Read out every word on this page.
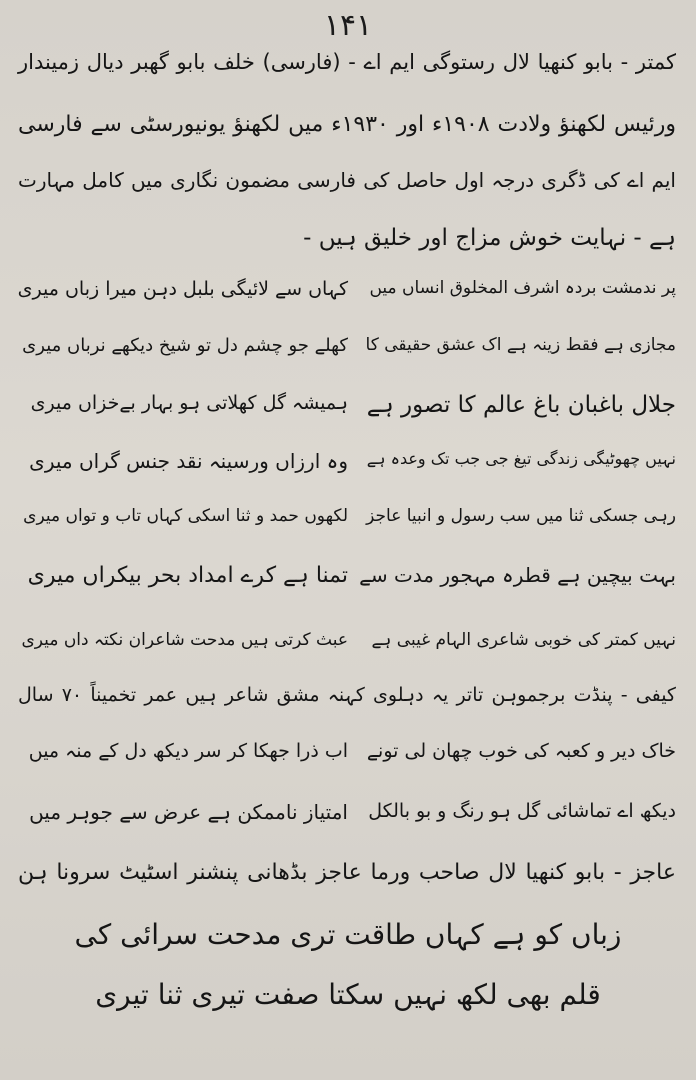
۱۴۱
کمتر - بابو کنھیا لال رستوگی ایم اے - (فارسی) خلف بابو گھبر دیال زمیندار
ورئیس لکھنؤ ولادت ۱۹۰۸ء اور ۱۹۳۰ء میں لکھنؤ یونیورسٹی سے فارسی
ایم اے کی ڈگری درجہ اول حاصل کی فارسی مضمون نگاری میں کامل مہارت
ہے - نہایت خوش مزاج اور خلیق ہیں -
پر ندمشت بردہ اشرف المخلوق انساں میں
کہاں سے لائیگی بلبل دہن میرا زباں میری
مجازی ہے فقط زینہ ہے اک عشق حقیقی کا
کھلے جو چشم دل تو شیخ دیکھے نرباں میری
جلال باغبان باغ عالم کا تصور ہے
ہمیشہ گل کھلاتی ہو بہار بےخزاں میری
نہیں چھوٹیگی زندگی تیغ جی جب تک وعدہ ہے
وہ ارزاں ورسینہ نقد جنس گراں میری
رہی جسکی ثنا میں سب رسول و انبیا عاجز
لکھوں حمد و ثنا اسکی کہاں تاب و تواں میری
بہت بیچین ہے قطرہ مہجور مدت سے
تمنا ہے کرے امداد بحر بیکراں میری
نہیں کمتر کی خوبی شاعری الہام غیبی ہے
عبث کرتی ہیں مدحت شاعران نکتہ داں میری
کیفی - پنڈت برجموہن تاتر یہ دہلوی کہنہ مشق شاعر ہیں عمر تخمیناً ۷۰ سال
خاک دیر و کعبہ کی خوب چھان لی تونے
اب ذرا جھکا کر سر دیکھ دل کے منہ میں
دیکھ اے تماشائی گل ہو رنگ و بو بالکل
امتیاز ناممکن ہے عرض سے جوہر میں
عاجز - بابو کنھیا لال صاحب ورما عاجز بڈھانی پنشنر اسٹیٹ سرونا ہن
زباں کو ہے کہاں طاقت تری مدحت سرائی کی
قلم بھی لکھ نہیں سکتا صفت تیری ثنا تیری
